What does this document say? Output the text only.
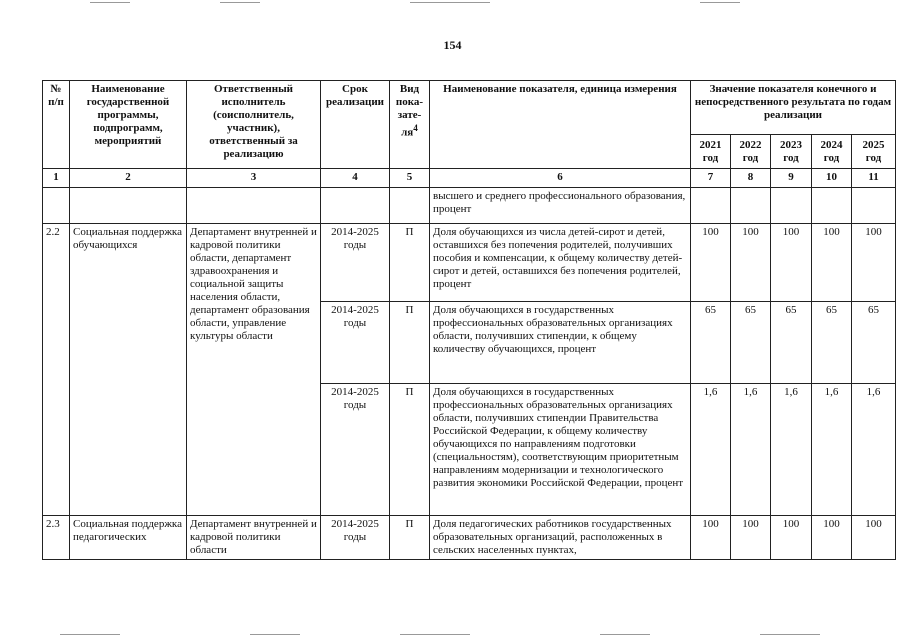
154
№ п/п	Наименование государственной программы, подпрограмм, мероприятий	Ответственный исполнитель (соисполнитель, участник), ответственный за реализацию	Срок реализации	Вид пока-$зате-ля^4$	Наименование показателя, единица измерения	Значение показателя конечного и непосредственного результата по годам реализации				
						2021 год	2022 год	2023 год	2024 год	2025 год
1	2	3	4	5	6	7	8	9	10	11
					высшего и среднего профессионального образования, процент					
2.2	Социальная поддержка обучающихся	Департамент внутренней и кадровой политики области, департамент здравоохранения и социальной защиты населения области, департамент образования области, управление культуры области	2014-2025 годы	П	Доля обучающихся из числа детей-сирот и детей, оставшихся без попечения родителей, получивших пособия и компенсации, к общему количеству детей-сирот и детей, оставшихся без попечения родителей, процент	100	100	100	100	100
			2014-2025 годы	П	Доля обучающихся в государственных профессиональных образовательных организациях области, получивших стипендии, к общему количеству обучающихся, процент	65	65	65	65	65
			2014-2025 годы	П	Доля обучающихся в государственных профессиональных образовательных организациях области, получивших стипендии Правительства Российской Федерации, к общему количеству обучающихся по направлениям подготовки (специальностям), соответствующим приоритетным направлениям модернизации и технологического развития экономики Российской Федерации, процент	1,6	1,6	1,6	1,6	1,6
2.3	Социальная поддержка педагогических	Департамент внутренней и кадровой политики области	2014-2025 годы	П	Доля педагогических работников государственных образовательных организаций, расположенных в сельских населенных пунктах,	100	100	100	100	100
